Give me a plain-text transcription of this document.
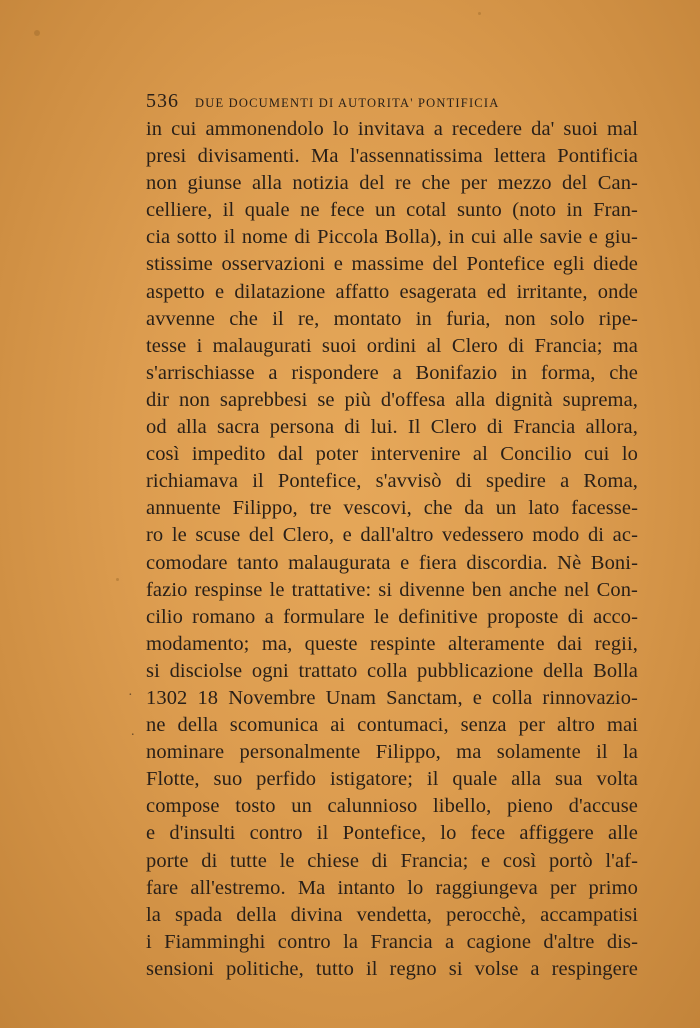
536 DUE DOCUMENTI DI AUTORITA' PONTIFICIA
in cui ammonendolo lo invitava a recedere da' suoi mal
presi divisamenti. Ma l'assennatissima lettera Pontificia
non giunse alla notizia del re che per mezzo del Can-
celliere, il quale ne fece un cotal sunto (noto in Fran-
cia sotto il nome di Piccola Bolla), in cui alle savie e giu-
stissime osservazioni e massime del Pontefice egli diede
aspetto e dilatazione affatto esagerata ed irritante, onde
avvenne che il re, montato in furia, non solo ripe-
tesse i malaugurati suoi ordini al Clero di Francia; ma
s'arrischiasse a rispondere a Bonifazio in forma, che
dir non saprebbesi se più d'offesa alla dignità suprema,
od alla sacra persona di lui. Il Clero di Francia allora,
così impedito dal poter intervenire al Concilio cui lo
richiamava il Pontefice, s'avvisò di spedire a Roma,
annuente Filippo, tre vescovi, che da un lato facesse-
ro le scuse del Clero, e dall'altro vedessero modo di ac-
comodare tanto malaugurata e fiera discordia. Nè Boni-
fazio respinse le trattative: si divenne ben anche nel Con-
cilio romano a formulare le definitive proposte di acco-
modamento; ma, queste respinte alteramente dai regii,
si disciolse ogni trattato colla pubblicazione della Bolla
1302 18 Novembre Unam Sanctam, e colla rinnovazio-
ne della scomunica ai contumaci, senza per altro mai
nominare personalmente Filippo, ma solamente il la
Flotte, suo perfido istigatore; il quale alla sua volta
compose tosto un calunnioso libello, pieno d'accuse
e d'insulti contro il Pontefice, lo fece affiggere alle
porte di tutte le chiese di Francia; e così portò l'af-
fare all'estremo. Ma intanto lo raggiungeva per primo
la spada della divina vendetta, perocchè, accampatisi
i Fiamminghi contro la Francia a cagione d'altre dis-
sensioni politiche, tutto il regno si volse a respingere
·
.
